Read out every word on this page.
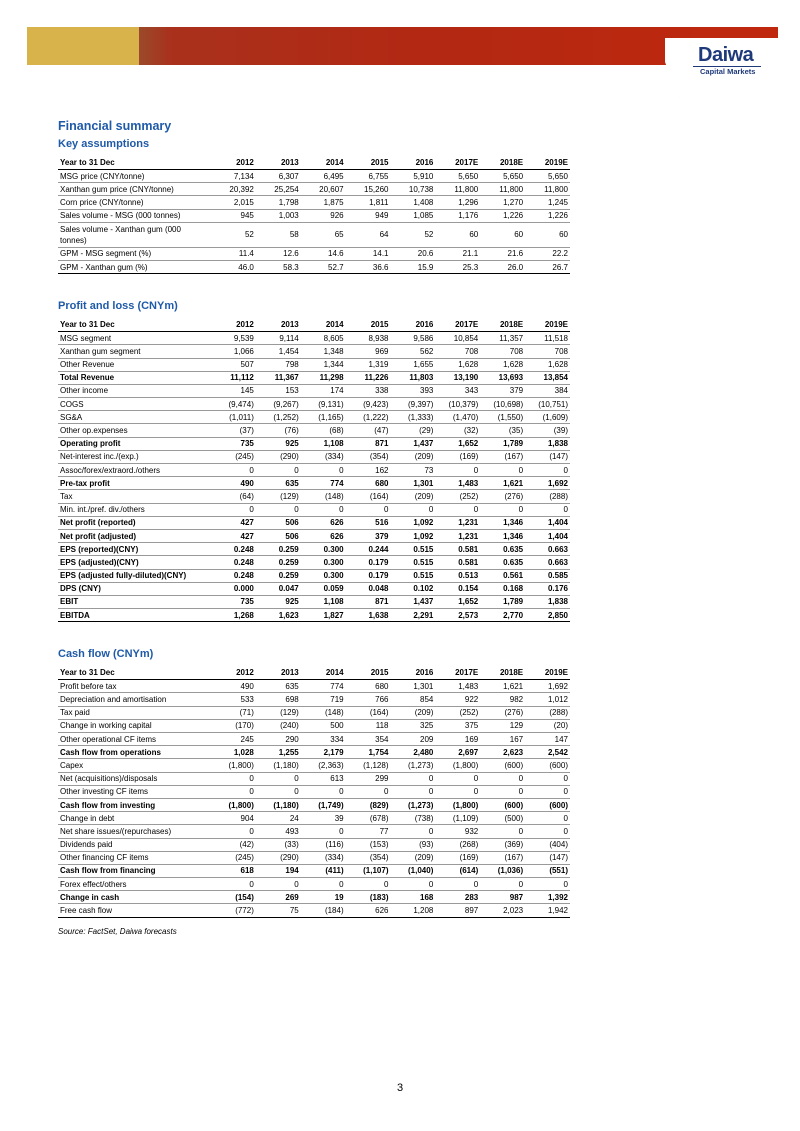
Fufeng Group (546 HK): 21 March 2017
Daiwa
Capital Markets
Financial summary
Key assumptions
Year to 31 Dec	2012	2013	2014	2015	2016	2017E	2018E	2019E
MSG price (CNY/tonne)	7,134	6,307	6,495	6,755	5,910	5,650	5,650	5,650
Xanthan gum price (CNY/tonne)	20,392	25,254	20,607	15,260	10,738	11,800	11,800	11,800
Corn price (CNY/tonne)	2,015	1,798	1,875	1,811	1,408	1,296	1,270	1,245
Sales volume - MSG (000 tonnes)	945	1,003	926	949	1,085	1,176	1,226	1,226
Sales volume - Xanthan gum (000 tonnes)	52	58	65	64	52	60	60	60
GPM - MSG segment (%)	11.4	12.6	14.6	14.1	20.6	21.1	21.6	22.2
GPM - Xanthan gum (%)	46.0	58.3	52.7	36.6	15.9	25.3	26.0	26.7
Profit and loss (CNYm)
Year to 31 Dec	2012	2013	2014	2015	2016	2017E	2018E	2019E
MSG segment	9,539	9,114	8,605	8,938	9,586	10,854	11,357	11,518
Xanthan gum segment	1,066	1,454	1,348	969	562	708	708	708
Other Revenue	507	798	1,344	1,319	1,655	1,628	1,628	1,628
Total Revenue	11,112	11,367	11,298	11,226	11,803	13,190	13,693	13,854
Other income	145	153	174	338	393	343	379	384
COGS	(9,474)	(9,267)	(9,131)	(9,423)	(9,397)	(10,379)	(10,698)	(10,751)
SG&A	(1,011)	(1,252)	(1,165)	(1,222)	(1,333)	(1,470)	(1,550)	(1,609)
Other op.expenses	(37)	(76)	(68)	(47)	(29)	(32)	(35)	(39)
Operating profit	735	925	1,108	871	1,437	1,652	1,789	1,838
Net-interest inc./(exp.)	(245)	(290)	(334)	(354)	(209)	(169)	(167)	(147)
Assoc/forex/extraord./others	0	0	0	162	73	0	0	0
Pre-tax profit	490	635	774	680	1,301	1,483	1,621	1,692
Tax	(64)	(129)	(148)	(164)	(209)	(252)	(276)	(288)
Min. int./pref. div./others	0	0	0	0	0	0	0	0
Net profit (reported)	427	506	626	516	1,092	1,231	1,346	1,404
Net profit (adjusted)	427	506	626	379	1,092	1,231	1,346	1,404
EPS (reported)(CNY)	0.248	0.259	0.300	0.244	0.515	0.581	0.635	0.663
EPS (adjusted)(CNY)	0.248	0.259	0.300	0.179	0.515	0.581	0.635	0.663
EPS (adjusted fully-diluted)(CNY)	0.248	0.259	0.300	0.179	0.515	0.513	0.561	0.585
DPS (CNY)	0.000	0.047	0.059	0.048	0.102	0.154	0.168	0.176
EBIT	735	925	1,108	871	1,437	1,652	1,789	1,838
EBITDA	1,268	1,623	1,827	1,638	2,291	2,573	2,770	2,850
Cash flow (CNYm)
Year to 31 Dec	2012	2013	2014	2015	2016	2017E	2018E	2019E
Profit before tax	490	635	774	680	1,301	1,483	1,621	1,692
Depreciation and amortisation	533	698	719	766	854	922	982	1,012
Tax paid	(71)	(129)	(148)	(164)	(209)	(252)	(276)	(288)
Change in working capital	(170)	(240)	500	118	325	375	129	(20)
Other operational CF items	245	290	334	354	209	169	167	147
Cash flow from operations	1,028	1,255	2,179	1,754	2,480	2,697	2,623	2,542
Capex	(1,800)	(1,180)	(2,363)	(1,128)	(1,273)	(1,800)	(600)	(600)
Net (acquisitions)/disposals	0	0	613	299	0	0	0	0
Other investing CF items	0	0	0	0	0	0	0	0
Cash flow from investing	(1,800)	(1,180)	(1,749)	(829)	(1,273)	(1,800)	(600)	(600)
Change in debt	904	24	39	(678)	(738)	(1,109)	(500)	0
Net share issues/(repurchases)	0	493	0	77	0	932	0	0
Dividends paid	(42)	(33)	(116)	(153)	(93)	(268)	(369)	(404)
Other financing CF items	(245)	(290)	(334)	(354)	(209)	(169)	(167)	(147)
Cash flow from financing	618	194	(411)	(1,107)	(1,040)	(614)	(1,036)	(551)
Forex effect/others	0	0	0	0	0	0	0	0
Change in cash	(154)	269	19	(183)	168	283	987	1,392
Free cash flow	(772)	75	(184)	626	1,208	897	2,023	1,942
Source: FactSet, Daiwa forecasts
3
